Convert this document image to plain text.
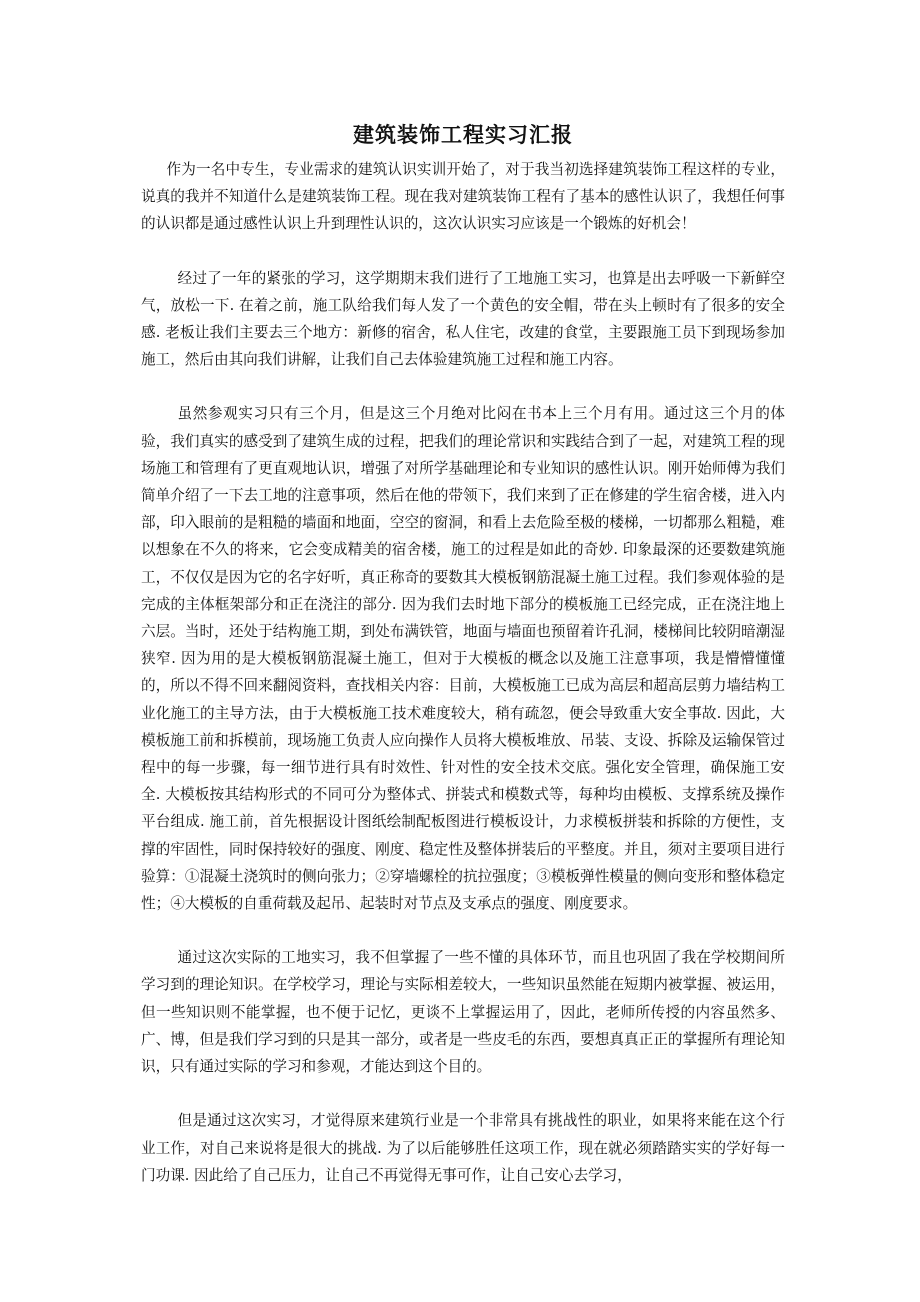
建筑装饰工程实习汇报

作为一名中专生，专业需求的建筑认识实训开始了，对于我当初选择建筑装饰工程这样的专业，说真的我并不知道什么是建筑装饰工程。现在我对建筑装饰工程有了基本的感性认识了，我想任何事的认识都是通过感性认识上升到理性认识的，这次认识实习应该是一个锻炼的好机会！

经过了一年的紧张的学习，这学期期末我们进行了工地施工实习，也算是出去呼吸一下新鲜空气，放松一下. 在着之前，施工队给我们每人发了一个黄色的安全帽，带在头上顿时有了很多的安全感. 老板让我们主要去三个地方：新修的宿舍，私人住宅，改建的食堂，主要跟施工员下到现场参加施工，然后由其向我们讲解，让我们自己去体验建筑施工过程和施工内容。

虽然参观实习只有三个月，但是这三个月绝对比闷在书本上三个月有用。通过这三个月的体验，我们真实的感受到了建筑生成的过程，把我们的理论常识和实践结合到了一起，对建筑工程的现场施工和管理有了更直观地认识，增强了对所学基础理论和专业知识的感性认识。刚开始师傅为我们简单介绍了一下去工地的注意事项，然后在他的带领下，我们来到了正在修建的学生宿舍楼，进入内部，印入眼前的是粗糙的墙面和地面，空空的窗洞，和看上去危险至极的楼梯，一切都那么粗糙，难以想象在不久的将来，它会变成精美的宿舍楼，施工的过程是如此的奇妙. 印象最深的还要数建筑施工，不仅仅是因为它的名字好听，真正称奇的要数其大模板钢筋混凝土施工过程。我们参观体验的是完成的主体框架部分和正在浇注的部分. 因为我们去时地下部分的模板施工已经完成，正在浇注地上六层。当时，还处于结构施工期，到处布满铁管，地面与墙面也预留着许孔洞，楼梯间比较阴暗潮湿狭窄. 因为用的是大模板钢筋混凝土施工，但对于大模板的概念以及施工注意事项，我是懵懵懂懂的，所以不得不回来翻阅资料，查找相关内容：目前，大模板施工已成为高层和超高层剪力墙结构工业化施工的主导方法，由于大模板施工技术难度较大，稍有疏忽，便会导致重大安全事故. 因此，大模板施工前和拆模前，现场施工负责人应向操作人员将大模板堆放、吊装、支设、拆除及运输保管过程中的每一步骤，每一细节进行具有时效性、针对性的安全技术交底。强化安全管理，确保施工安全. 大模板按其结构形式的不同可分为整体式、拼装式和模数式等，每种均由模板、支撑系统及操作平台组成. 施工前，首先根据设计图纸绘制配板图进行模板设计，力求模板拼装和拆除的方便性，支撑的牢固性，同时保持较好的强度、刚度、稳定性及整体拼装后的平整度。并且，须对主要项目进行验算：①混凝土浇筑时的侧向张力；②穿墙螺栓的抗拉强度；③模板弹性模量的侧向变形和整体稳定性；④大模板的自重荷载及起吊、起装时对节点及支承点的强度、刚度要求。

通过这次实际的工地实习，我不但掌握了一些不懂的具体环节，而且也巩固了我在学校期间所学习到的理论知识。在学校学习，理论与实际相差较大，一些知识虽然能在短期内被掌握、被运用，但一些知识则不能掌握，也不便于记忆，更谈不上掌握运用了，因此，老师所传授的内容虽然多、广、博，但是我们学习到的只是其一部分，或者是一些皮毛的东西，要想真真正正的掌握所有理论知识，只有通过实际的学习和参观，才能达到这个目的。

但是通过这次实习，才觉得原来建筑行业是一个非常具有挑战性的职业，如果将来能在这个行业工作，对自己来说将是很大的挑战. 为了以后能够胜任这项工作，现在就必须踏踏实实的学好每一门功课. 因此给了自己压力，让自己不再觉得无事可作，让自己安心去学习，
